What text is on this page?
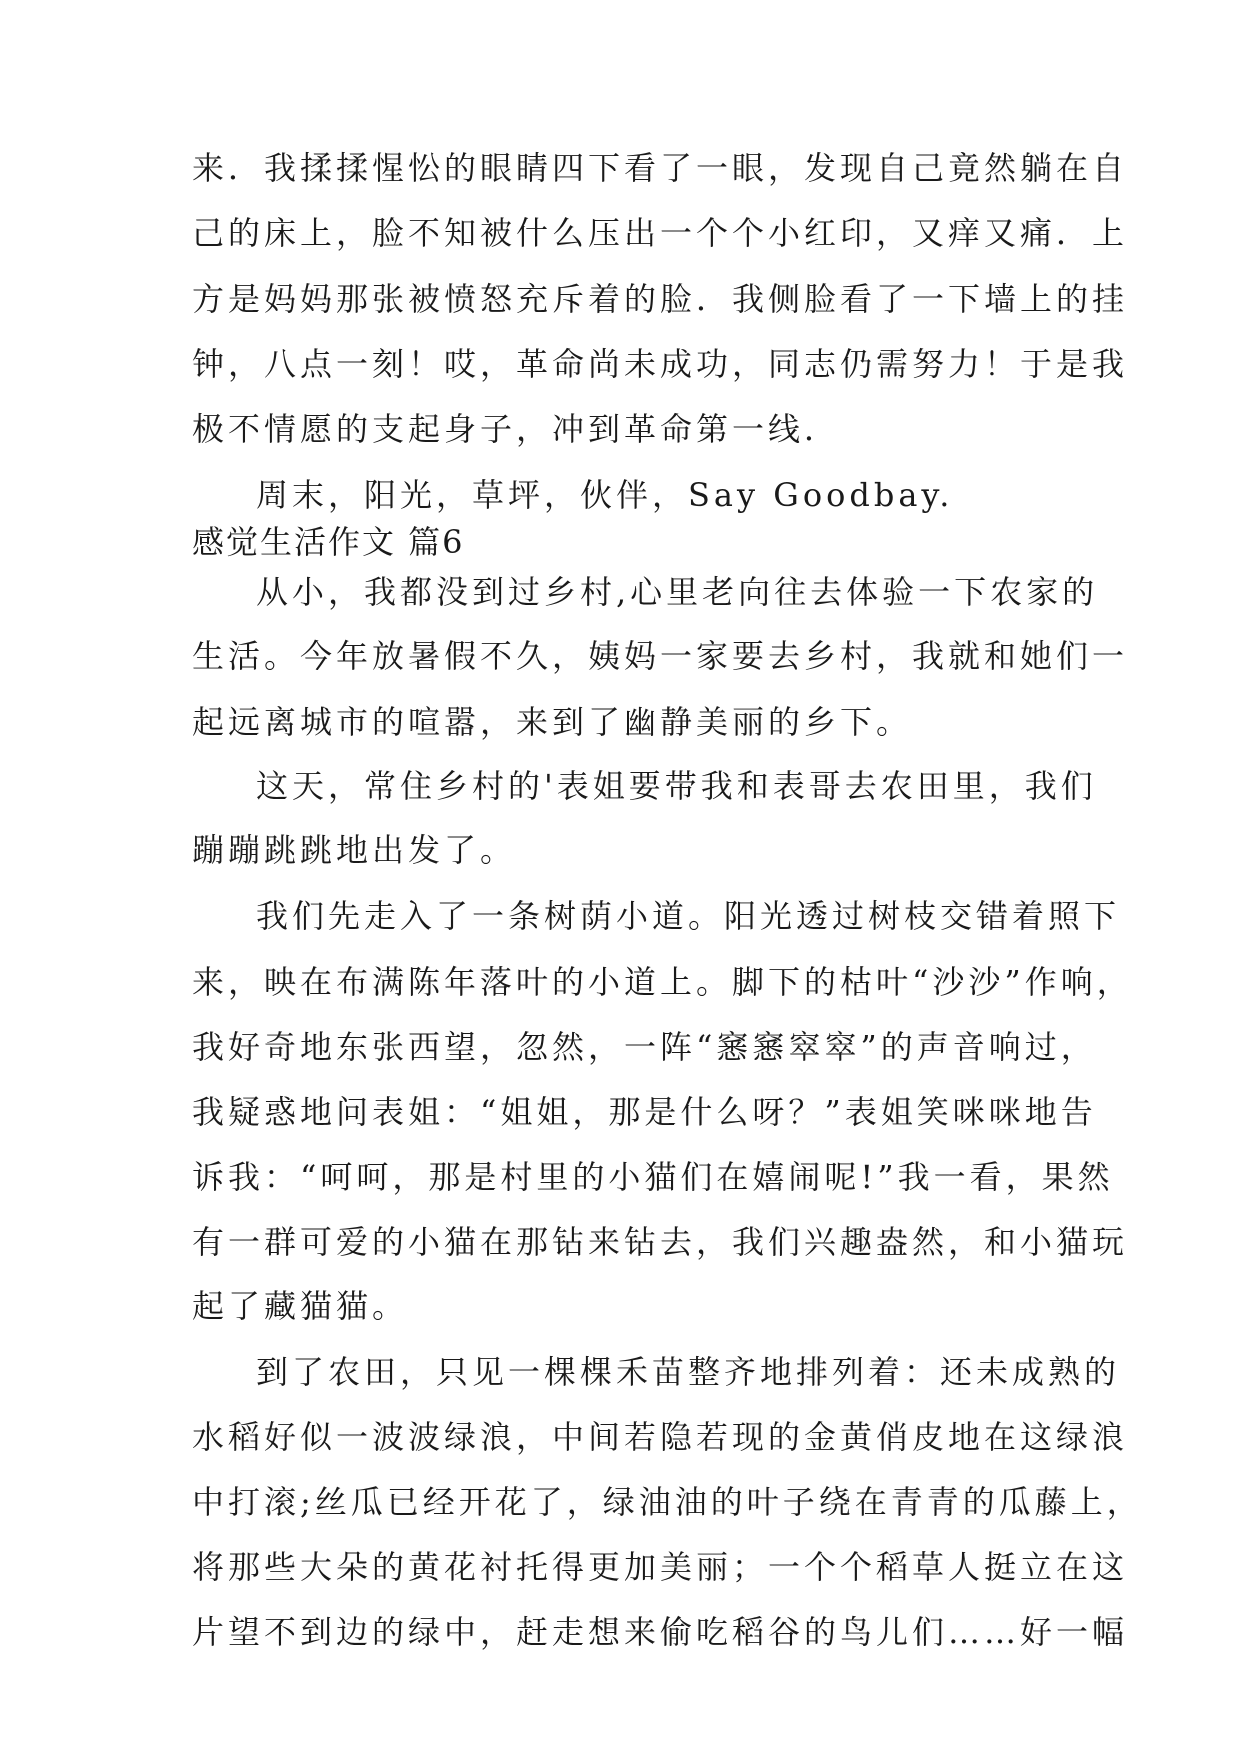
来．我揉揉惺忪的眼睛四下看了一眼，发现自己竟然躺在自
己的床上，脸不知被什么压出一个个小红印，又痒又痛．上
方是妈妈那张被愤怒充斥着的脸．我侧脸看了一下墙上的挂
钟，八点一刻！哎，革命尚未成功，同志仍需努力！于是我
极不情愿的支起身子，冲到革命第一线．
周末，阳光，草坪，伙伴，Say Goodbay.
感觉生活作文 篇6
从小，我都没到过乡村,心里老向往去体验一下农家的
生活。今年放暑假不久，姨妈一家要去乡村，我就和她们一
起远离城市的喧嚣，来到了幽静美丽的乡下。
这天，常住乡村的'表姐要带我和表哥去农田里，我们
蹦蹦跳跳地出发了。
我们先走入了一条树荫小道。阳光透过树枝交错着照下
来，映在布满陈年落叶的小道上。脚下的枯叶“沙沙”作响，
我好奇地东张西望，忽然，一阵“窸窸窣窣”的声音响过，
我疑惑地问表姐：“姐姐，那是什么呀？”表姐笑咪咪地告
诉我：“呵呵，那是村里的小猫们在嬉闹呢!”我一看，果然
有一群可爱的小猫在那钻来钻去，我们兴趣盎然，和小猫玩
起了藏猫猫。
到了农田，只见一棵棵禾苗整齐地排列着：还未成熟的
水稻好似一波波绿浪，中间若隐若现的金黄俏皮地在这绿浪
中打滚;丝瓜已经开花了，绿油油的叶子绕在青青的瓜藤上，
将那些大朵的黄花衬托得更加美丽；一个个稻草人挺立在这
片望不到边的绿中，赶走想来偷吃稻谷的鸟儿们……好一幅
